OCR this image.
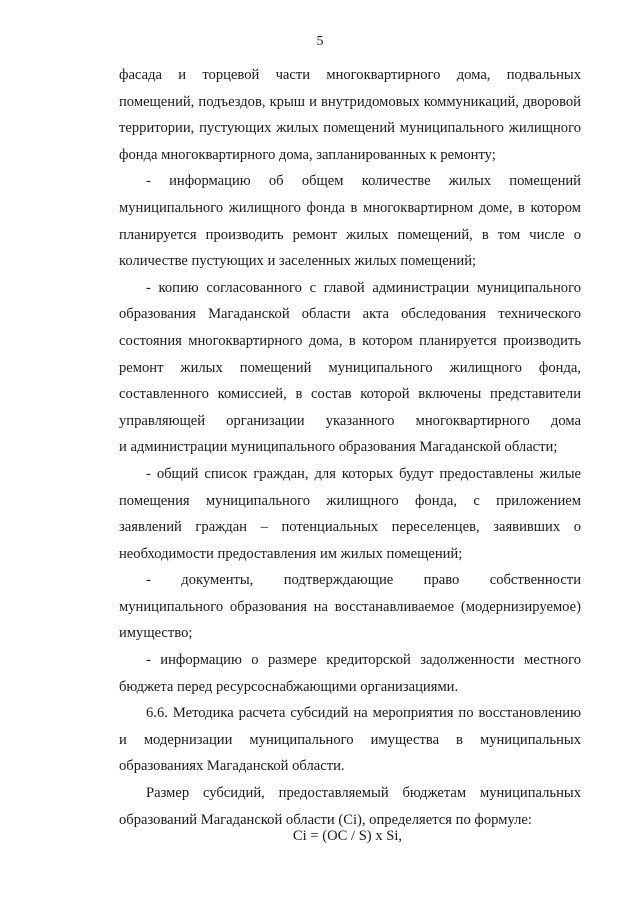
5
фасада и торцевой части многоквартирного дома, подвальных
помещений, подъездов, крыш и внутридомовых коммуникаций, дворовой
территории, пустующих жилых помещений муниципального жилищного
фонда многоквартирного дома, запланированных к ремонту;
- информацию об общем количестве жилых помещений
муниципального жилищного фонда в многоквартирном доме, в котором
планируется производить ремонт жилых помещений, в том числе о
количестве пустующих и заселенных жилых помещений;
- копию согласованного с главой администрации муниципального
образования Магаданской области акта обследования технического
состояния многоквартирного дома, в котором планируется производить
ремонт жилых помещений муниципального жилищного фонда,
составленного комиссией, в состав которой включены представители
управляющей организации указанного многоквартирного дома
и администрации муниципального образования Магаданской области;
- общий список граждан, для которых будут предоставлены жилые
помещения муниципального жилищного фонда, с приложением
заявлений граждан – потенциальных переселенцев, заявивших о
необходимости предоставления им жилых помещений;
- документы, подтверждающие право собственности
муниципального образования на восстанавливаемое (модернизируемое)
имущество;
- информацию о размере кредиторской задолженности местного
бюджета перед ресурсоснабжающими организациями.
6.6. Методика расчета субсидий на мероприятия по восстановлению
и модернизации муниципального имущества в муниципальных
образованиях Магаданской области.
Размер субсидий, предоставляемый бюджетам муниципальных
образований Магаданской области (Ci), определяется по формуле:
Ci = (OC / S) x Si,
